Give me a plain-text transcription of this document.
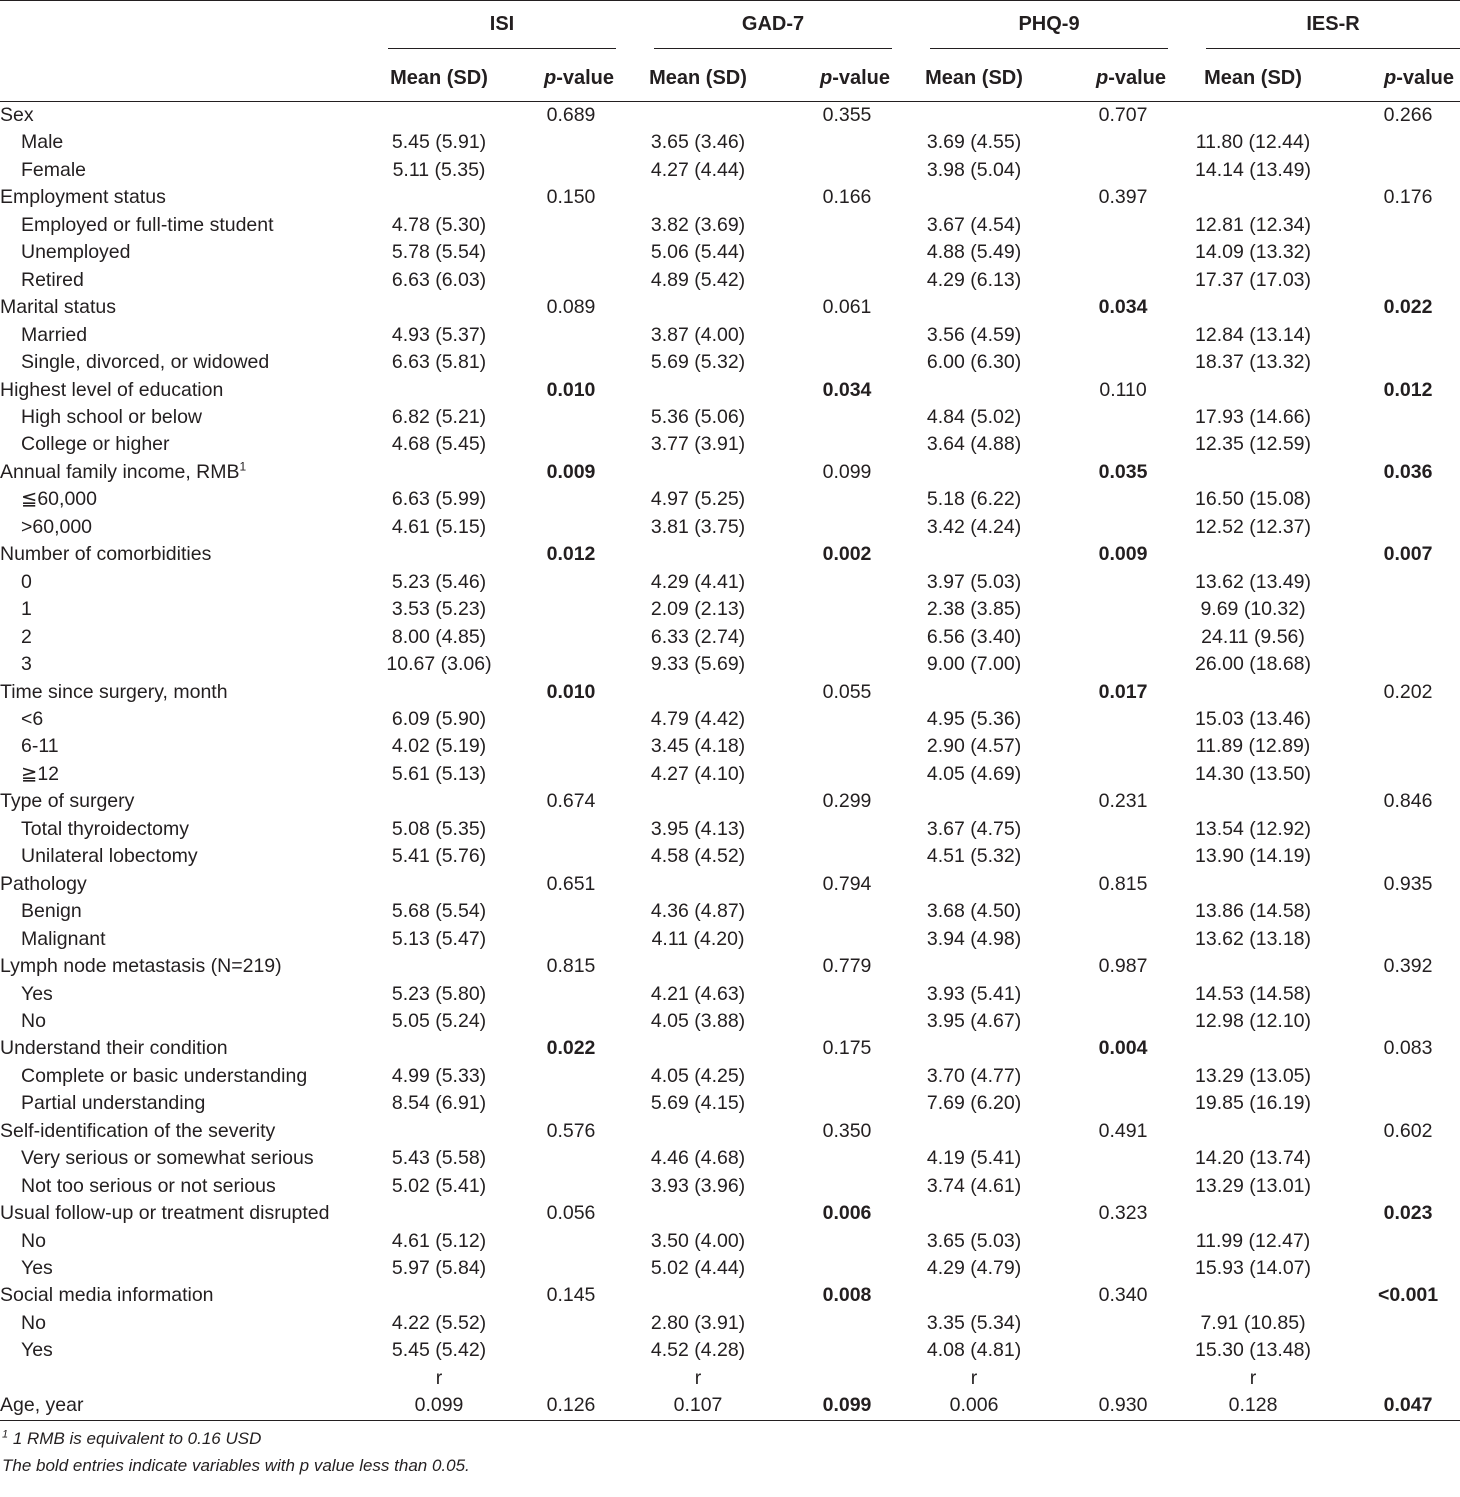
	ISI		GAD-7		PHQ-9		IES-R	

	Mean (SD)	p-value	Mean (SD)	p-value	Mean (SD)	p-value	Mean (SD)	p-value
Sex		0.689		0.355		0.707		0.266
Male	5.45 (5.91)		3.65 (3.46)		3.69 (4.55)		11.80 (12.44)	
Female	5.11 (5.35)		4.27 (4.44)		3.98 (5.04)		14.14 (13.49)	
Employment status		0.150		0.166		0.397		0.176
Employed or full-time student	4.78 (5.30)		3.82 (3.69)		3.67 (4.54)		12.81 (12.34)	
Unemployed	5.78 (5.54)		5.06 (5.44)		4.88 (5.49)		14.09 (13.32)	
Retired	6.63 (6.03)		4.89 (5.42)		4.29 (6.13)		17.37 (17.03)	
Marital status		0.089		0.061		0.034		0.022
Married	4.93 (5.37)		3.87 (4.00)		3.56 (4.59)		12.84 (13.14)	
Single, divorced, or widowed	6.63 (5.81)		5.69 (5.32)		6.00 (6.30)		18.37 (13.32)	
Highest level of education		0.010		0.034		0.110		0.012
High school or below	6.82 (5.21)		5.36 (5.06)		4.84 (5.02)		17.93 (14.66)	
College or higher	4.68 (5.45)		3.77 (3.91)		3.64 (4.88)		12.35 (12.59)	
Annual family income, RMB$^1$		0.009		0.099		0.035		0.036
≦60,000	6.63 (5.99)		4.97 (5.25)		5.18 (6.22)		16.50 (15.08)	
>60,000	4.61 (5.15)		3.81 (3.75)		3.42 (4.24)		12.52 (12.37)	
Number of comorbidities		0.012		0.002		0.009		0.007
0	5.23 (5.46)		4.29 (4.41)		3.97 (5.03)		13.62 (13.49)	
1	3.53 (5.23)		2.09 (2.13)		2.38 (3.85)		9.69 (10.32)	
2	8.00 (4.85)		6.33 (2.74)		6.56 (3.40)		24.11 (9.56)	
3	10.67 (3.06)		9.33 (5.69)		9.00 (7.00)		26.00 (18.68)	
Time since surgery, month		0.010		0.055		0.017		0.202
<6	6.09 (5.90)		4.79 (4.42)		4.95 (5.36)		15.03 (13.46)	
6-11	4.02 (5.19)		3.45 (4.18)		2.90 (4.57)		11.89 (12.89)	
≧12	5.61 (5.13)		4.27 (4.10)		4.05 (4.69)		14.30 (13.50)	
Type of surgery		0.674		0.299		0.231		0.846
Total thyroidectomy	5.08 (5.35)		3.95 (4.13)		3.67 (4.75)		13.54 (12.92)	
Unilateral lobectomy	5.41 (5.76)		4.58 (4.52)		4.51 (5.32)		13.90 (14.19)	
Pathology		0.651		0.794		0.815		0.935
Benign	5.68 (5.54)		4.36 (4.87)		3.68 (4.50)		13.86 (14.58)	
Malignant	5.13 (5.47)		4.11 (4.20)		3.94 (4.98)		13.62 (13.18)	
Lymph node metastasis (N=219)		0.815		0.779		0.987		0.392
Yes	5.23 (5.80)		4.21 (4.63)		3.93 (5.41)		14.53 (14.58)	
No	5.05 (5.24)		4.05 (3.88)		3.95 (4.67)		12.98 (12.10)	
Understand their condition		0.022		0.175		0.004		0.083
Complete or basic understanding	4.99 (5.33)		4.05 (4.25)		3.70 (4.77)		13.29 (13.05)	
Partial understanding	8.54 (6.91)		5.69 (4.15)		7.69 (6.20)		19.85 (16.19)	
Self-identification of the severity		0.576		0.350		0.491		0.602
Very serious or somewhat serious	5.43 (5.58)		4.46 (4.68)		4.19 (5.41)		14.20 (13.74)	
Not too serious or not serious	5.02 (5.41)		3.93 (3.96)		3.74 (4.61)		13.29 (13.01)	
Usual follow-up or treatment disrupted		0.056		0.006		0.323		0.023
No	4.61 (5.12)		3.50 (4.00)		3.65 (5.03)		11.99 (12.47)	
Yes	5.97 (5.84)		5.02 (4.44)		4.29 (4.79)		15.93 (14.07)	
Social media information		0.145		0.008		0.340		<0.001
No	4.22 (5.52)		2.80 (3.91)		3.35 (5.34)		7.91 (10.85)	
Yes	5.45 (5.42)		4.52 (4.28)		4.08 (4.81)		15.30 (13.48)	
	r		r		r		r	
Age, year	0.099	0.126	0.107	0.099	0.006	0.930	0.128	0.047
$^1$ 1 RMB is equivalent to 0.16 USD
The bold entries indicate variables with p value less than 0.05.
